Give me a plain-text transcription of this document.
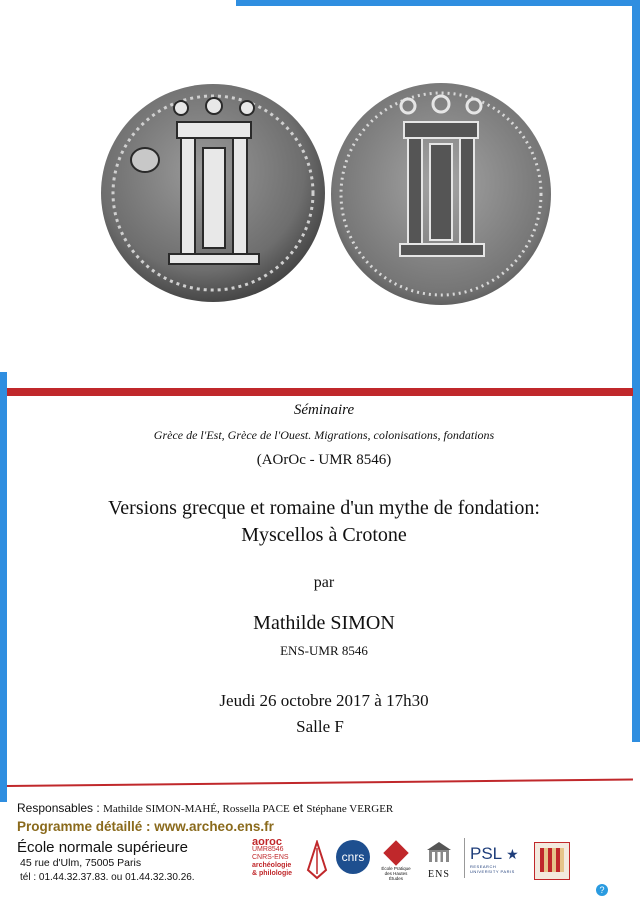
Séminaire
Grèce de l'Est, Grèce de l'Ouest. Migrations, colonisations, fondations
(AOrOc - UMR 8546)
Versions grecque et romaine d'un mythe de fondation:
Myscellos à Crotone
par
Mathilde SIMON
ENS-UMR 8546
Jeudi 26 octobre 2017 à 17h30
Salle F
Responsables : Mathilde SIMON-MAHÉ, Rossella PACE et Stéphane VERGER
Programme détaillé : www.archeo.ens.fr
École normale supérieure
45 rue d'Ulm, 75005 Paris
tél : 01.44.32.37.83. ou 01.44.32.30.26.
aoroc
UMR8546
CNRS-ENS
archéologie
& philologie
cnrs
École Pratique des Hautes Études	ENS
PSL ★
RESEARCH UNIVERSITY PARIS
?
